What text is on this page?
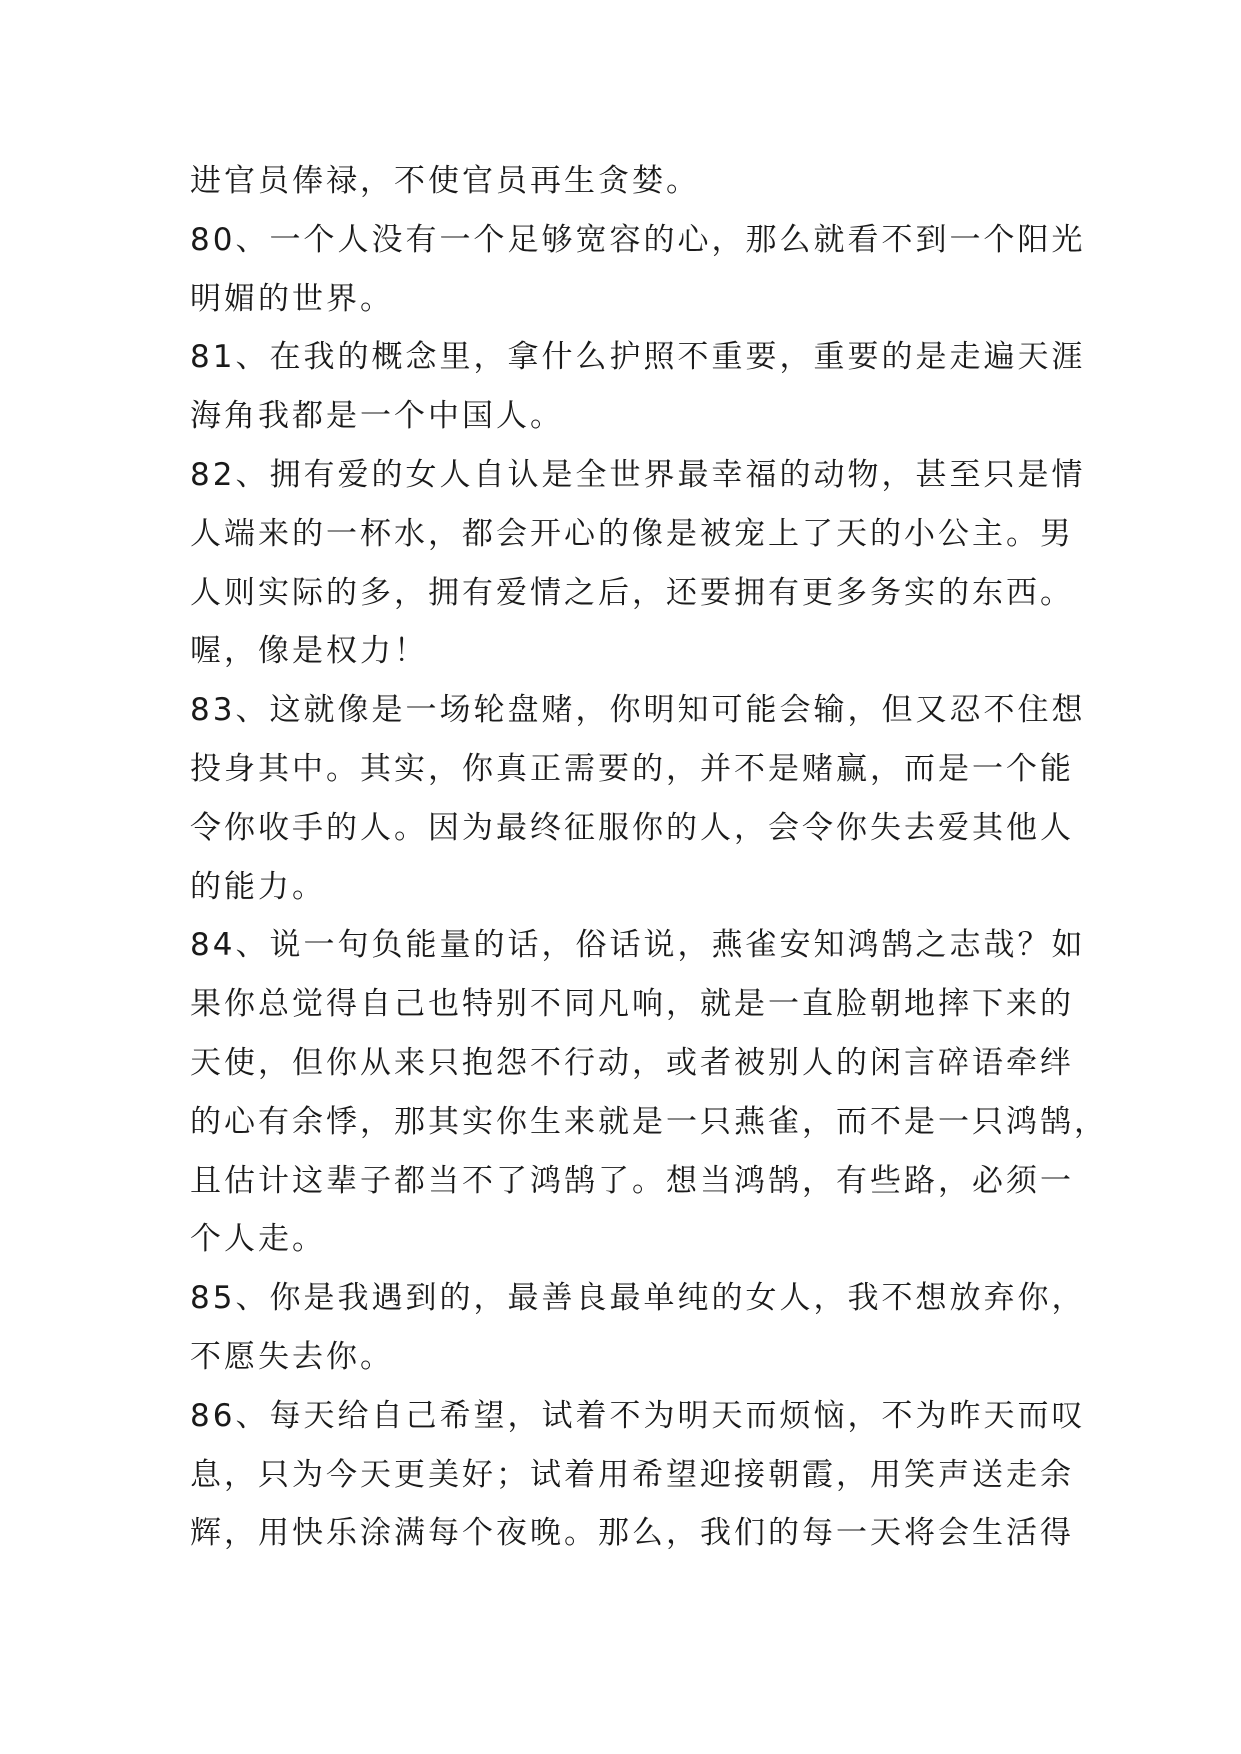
进官员俸禄，不使官员再生贪婪。

80、一个人没有一个足够宽容的心，那么就看不到一个阳光
明媚的世界。

81、在我的概念里，拿什么护照不重要，重要的是走遍天涯
海角我都是一个中国人。

82、拥有爱的女人自认是全世界最幸福的动物，甚至只是情
人端来的一杯水，都会开心的像是被宠上了天的小公主。男
人则实际的多，拥有爱情之后，还要拥有更多务实的东西。
喔，像是权力！

83、这就像是一场轮盘赌，你明知可能会输，但又忍不住想
投身其中。其实，你真正需要的，并不是赌赢，而是一个能
令你收手的人。因为最终征服你的人，会令你失去爱其他人
的能力。

84、说一句负能量的话，俗话说，燕雀安知鸿鹄之志哉？如
果你总觉得自己也特别不同凡响，就是一直脸朝地摔下来的
天使，但你从来只抱怨不行动，或者被别人的闲言碎语牵绊
的心有余悸，那其实你生来就是一只燕雀，而不是一只鸿鹄，
且估计这辈子都当不了鸿鹄了。想当鸿鹄，有些路，必须一
个人走。

85、你是我遇到的，最善良最单纯的女人，我不想放弃你，
不愿失去你。

86、每天给自己希望，试着不为明天而烦恼，不为昨天而叹
息，只为今天更美好；试着用希望迎接朝霞，用笑声送走余
辉，用快乐涂满每个夜晚。那么，我们的每一天将会生活得
